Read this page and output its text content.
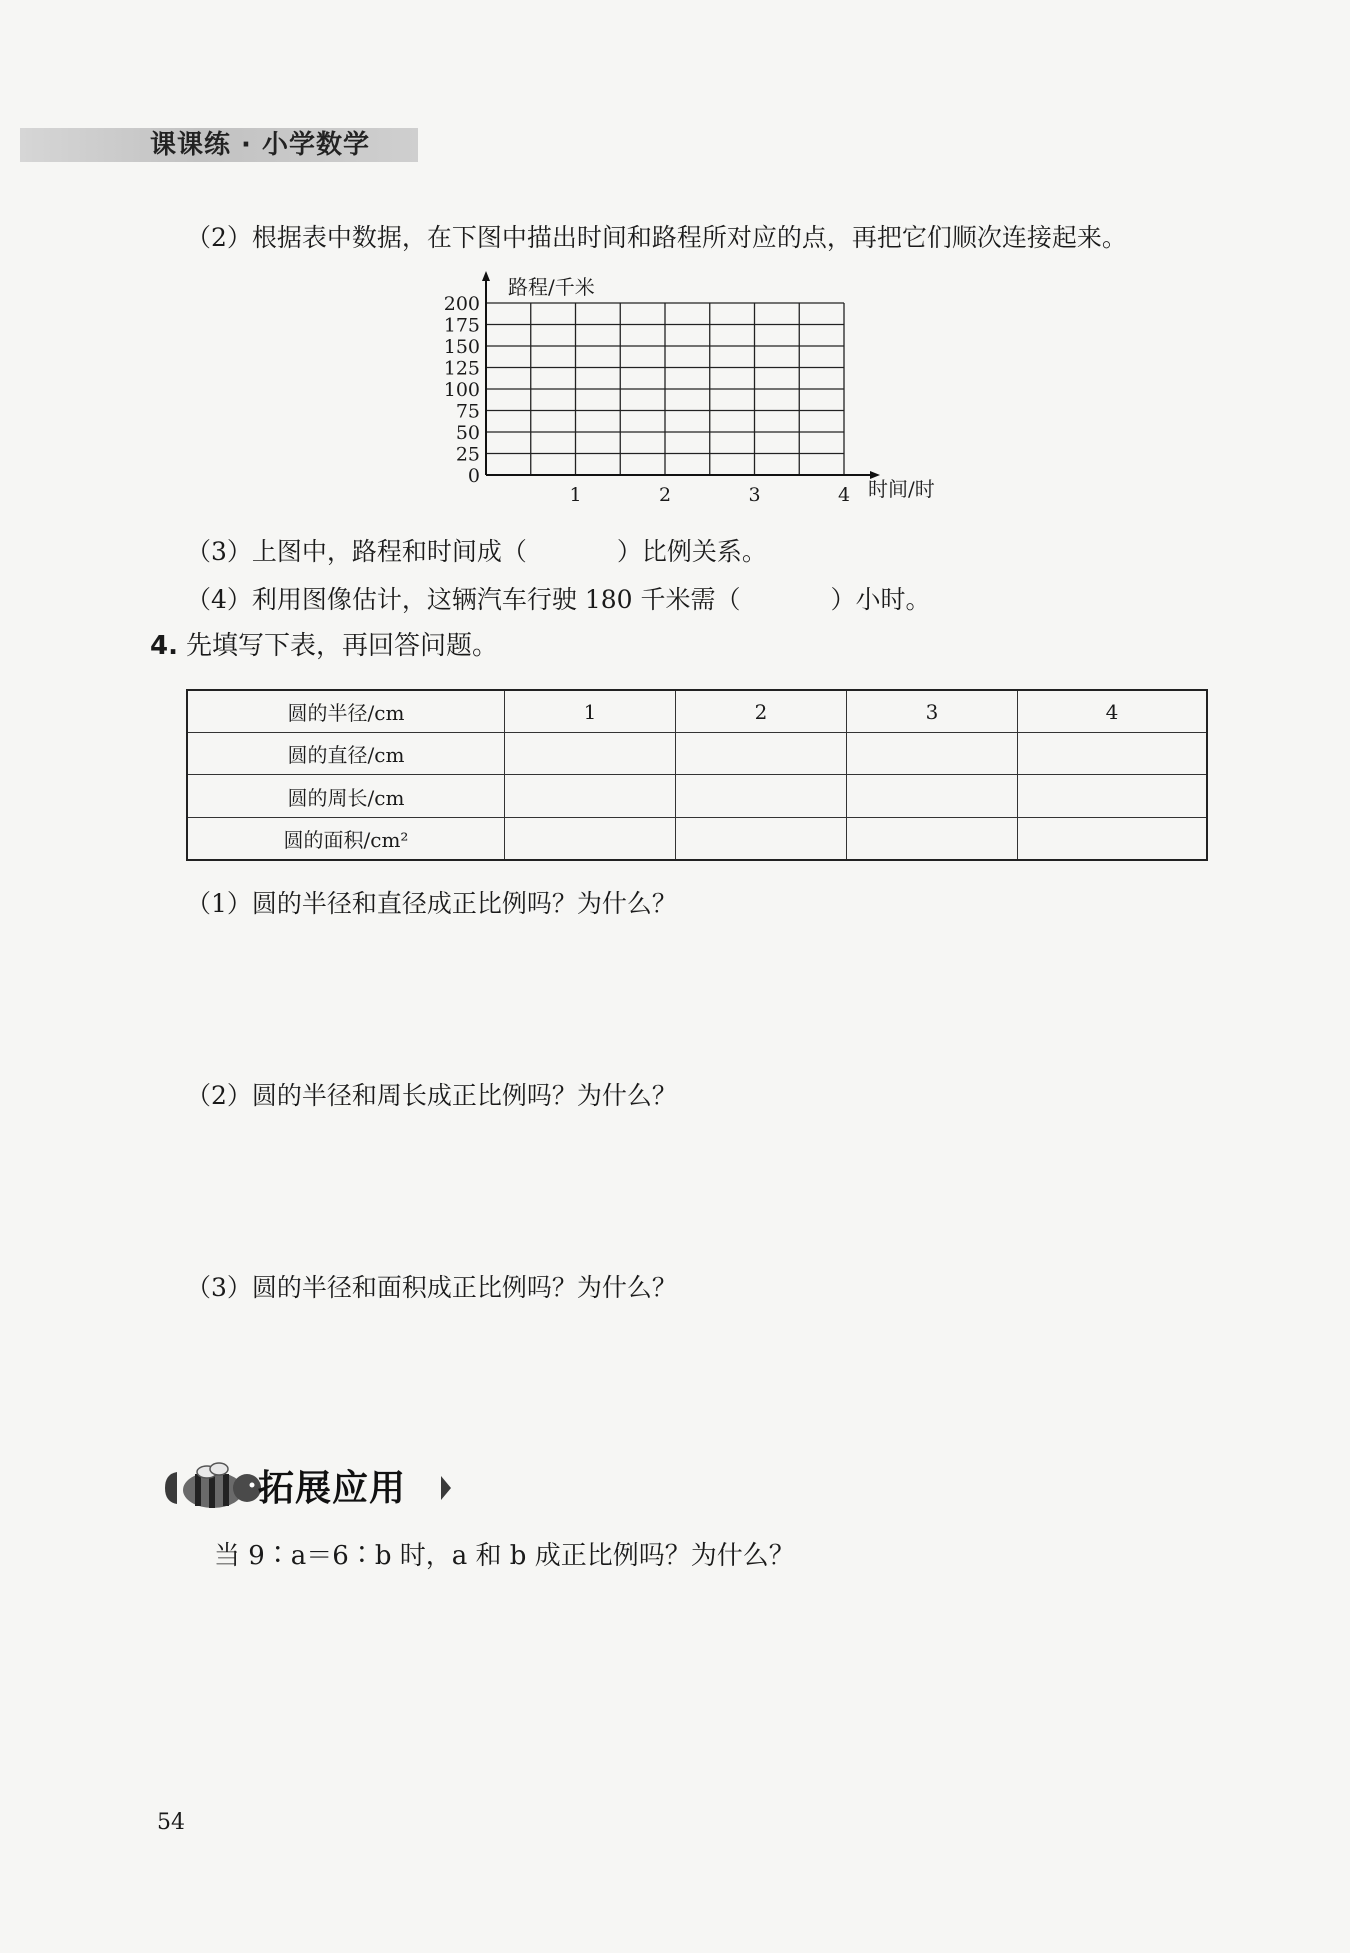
课课练 · 小学数学
（2）根据表中数据，在下图中描出时间和路程所对应的点，再把它们顺次连接起来。
路程/千米
时间/时
200
175
150
125
100
75
50
25
0
1	2	3	4
（3）上图中，路程和时间成（	）比例关系。
（4）利用图像估计，这辆汽车行驶 180 千米需（	）小时。
4. 先填写下表，再回答问题。
圆的半径/cm	1	2	3	4
圆的直径/cm				
圆的周长/cm				
圆的面积/cm²				
（1）圆的半径和直径成正比例吗？为什么？
（2）圆的半径和周长成正比例吗？为什么？
（3）圆的半径和面积成正比例吗？为什么？
拓展应用
当 9∶a＝6∶b 时，a 和 b 成正比例吗？为什么？
54
